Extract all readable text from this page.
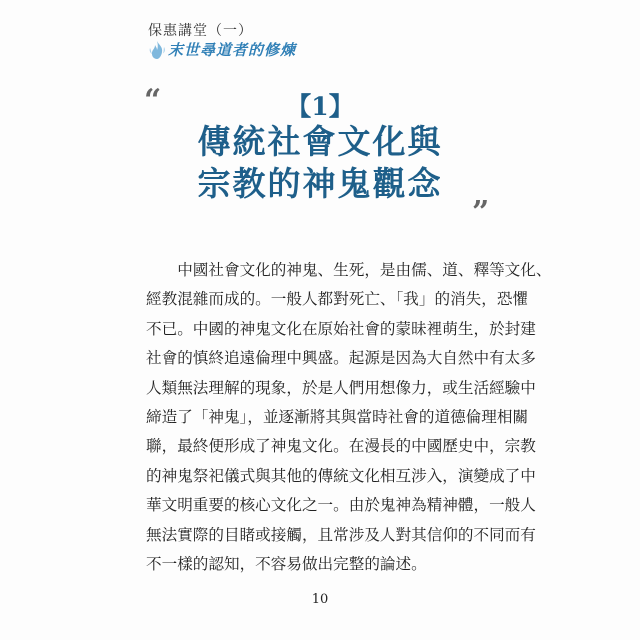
保惠講堂（一）
末世尋道者的修煉
“	【1】
傳統社會文化與
宗教的神鬼觀念
”

中國社會文化的神鬼、生死，是由儒、道、釋等文化、

經教混雜而成的。一般人都對死亡、「我」的消失，恐懼

不已。中國的神鬼文化在原始社會的蒙昧裡萌生，於封建

社會的慎終追遠倫理中興盛。起源是因為大自然中有太多

人類無法理解的現象，於是人們用想像力，或生活經驗中

締造了「神鬼」，並逐漸將其與當時社會的道德倫理相關

聯，最終便形成了神鬼文化。在漫長的中國歷史中，宗教

的神鬼祭祀儀式與其他的傳統文化相互涉入，演變成了中

華文明重要的核心文化之一。由於鬼神為精神體，一般人

無法實際的目睹或接觸，且常涉及人對其信仰的不同而有

不一樣的認知，不容易做出完整的論述。

10
